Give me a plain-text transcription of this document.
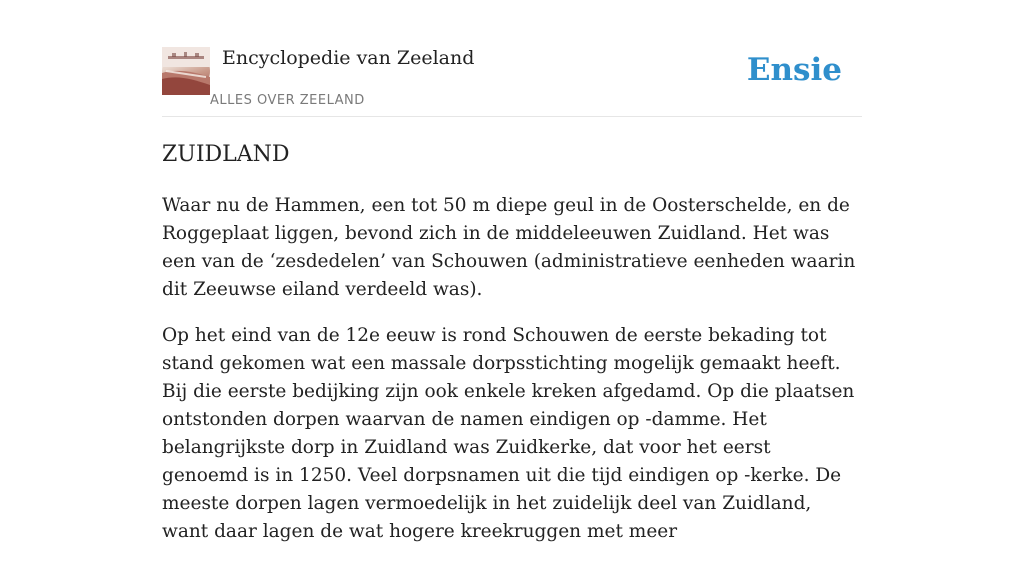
Encyclopedie van Zeeland
ALLES OVER ZEELAND
Ensie
ZUIDLAND

Waar nu de Hammen, een tot 50 m diepe geul in de Oosterschelde, en de Roggeplaat liggen, bevond zich in de middeleeuwen Zuidland. Het was een van de ‘zesdedelen’ van Schouwen (administratieve eenheden waarin dit Zeeuwse eiland verdeeld was).

Op het eind van de 12e eeuw is rond Schouwen de eerste bekading tot stand gekomen wat een massale dorpsstichting mogelijk gemaakt heeft. Bij die eerste bedijking zijn ook enkele kreken afgedamd. Op die plaatsen ontstonden dorpen waarvan de namen eindigen op -damme. Het belangrijkste dorp in Zuidland was Zuidkerke, dat voor het eerst genoemd is in 1250. Veel dorpsnamen uit die tijd eindigen op -kerke. De meeste dorpen lagen vermoedelijk in het zuidelijk deel van Zuidland, want daar lagen de wat hogere kreekruggen met meer
